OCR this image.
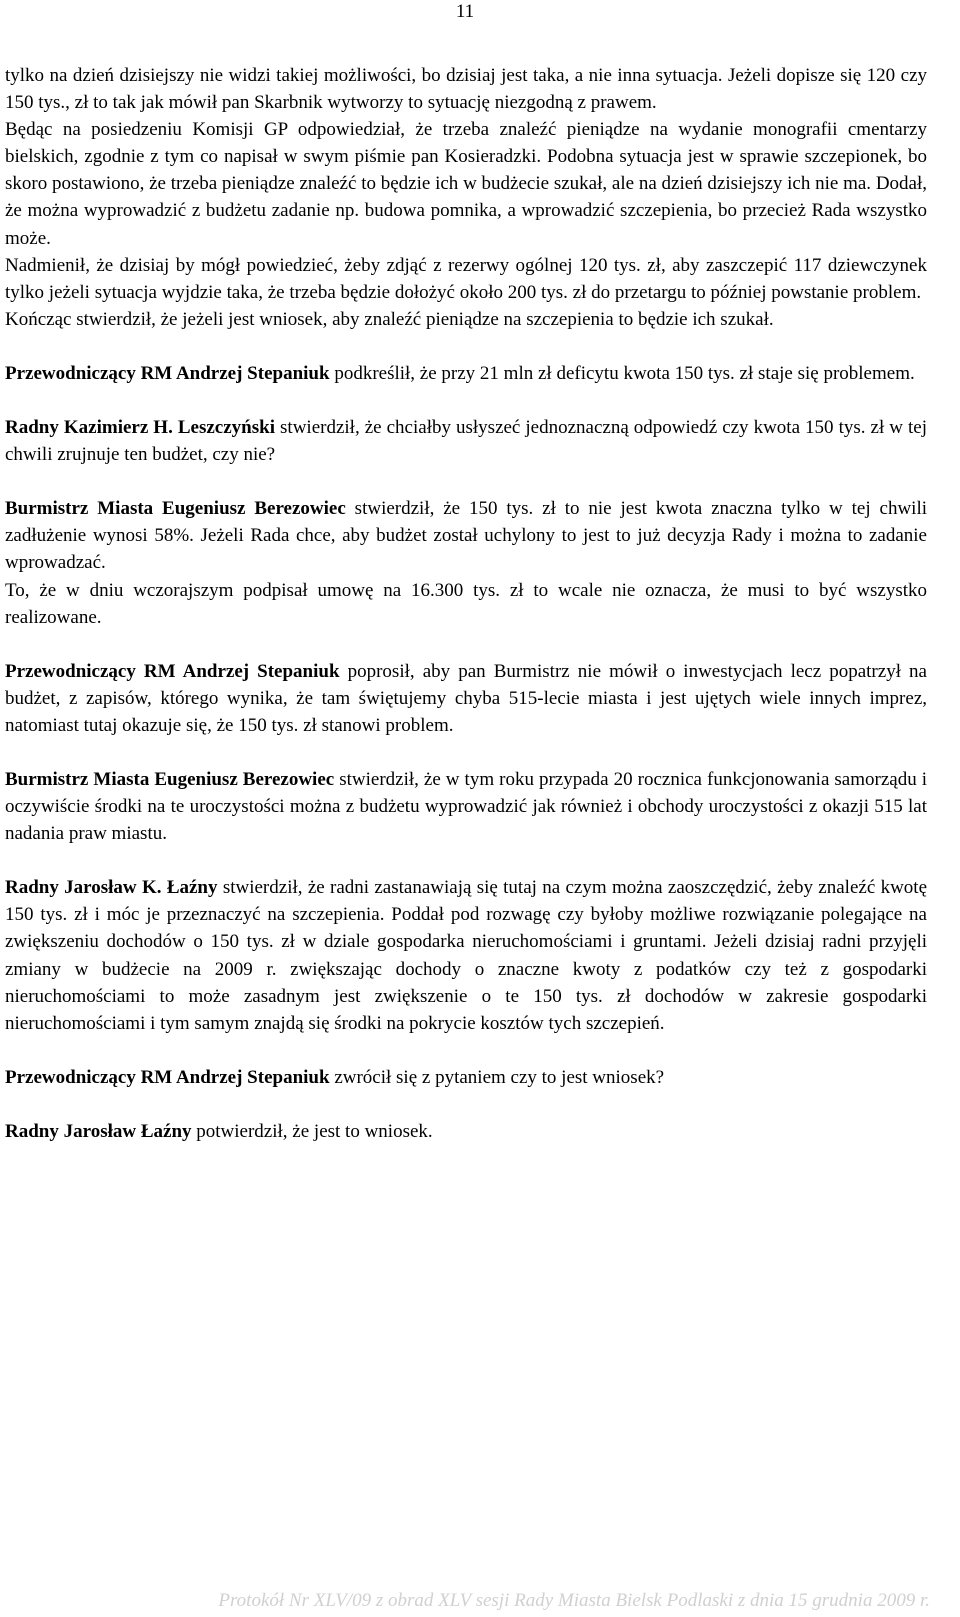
11

tylko na dzień dzisiejszy nie widzi takiej możliwości, bo dzisiaj jest taka, a nie inna sytuacja. Jeżeli dopisze się 120 czy 150 tys., zł to tak jak mówił pan Skarbnik wytworzy to sytuację niezgodną z prawem.

Będąc na posiedzeniu Komisji GP odpowiedział, że trzeba znaleźć pieniądze na wydanie monografii cmentarzy bielskich, zgodnie z tym co napisał w swym piśmie pan Kosieradzki. Podobna sytuacja jest w sprawie szczepionek, bo skoro postawiono, że trzeba pieniądze znaleźć to będzie ich w budżecie szukał, ale na dzień dzisiejszy ich nie ma. Dodał, że można wyprowadzić z budżetu zadanie np. budowa pomnika, a wprowadzić szczepienia, bo przecież Rada wszystko może.

Nadmienił, że dzisiaj by mógł powiedzieć, żeby zdjąć z rezerwy ogólnej 120 tys. zł, aby zaszczepić 117 dziewczynek tylko jeżeli sytuacja wyjdzie taka, że trzeba będzie dołożyć około 200 tys. zł do przetargu to później powstanie problem.

Kończąc stwierdził, że jeżeli jest wniosek, aby znaleźć pieniądze na szczepienia to będzie ich szukał.

Przewodniczący RM Andrzej Stepaniuk podkreślił, że przy 21 mln zł deficytu kwota 150 tys. zł staje się problemem.

Radny Kazimierz H. Leszczyński stwierdził, że chciałby usłyszeć jednoznaczną odpowiedź czy kwota 150 tys. zł w tej chwili zrujnuje ten budżet, czy nie?

Burmistrz Miasta Eugeniusz Berezowiec stwierdził, że 150 tys. zł to nie jest kwota znaczna tylko w tej chwili zadłużenie wynosi 58%. Jeżeli Rada chce, aby budżet został uchylony to jest to już decyzja Rady i można to zadanie wprowadzać.

To, że w dniu wczorajszym podpisał umowę na 16.300 tys. zł to wcale nie oznacza, że musi to być wszystko realizowane.

Przewodniczący RM Andrzej Stepaniuk poprosił, aby pan Burmistrz nie mówił o inwestycjach lecz popatrzył na budżet, z zapisów, którego wynika, że tam świętujemy chyba 515-lecie miasta i jest ujętych wiele innych imprez, natomiast tutaj okazuje się, że 150 tys. zł stanowi problem.

Burmistrz Miasta Eugeniusz Berezowiec stwierdził, że w tym roku przypada 20 rocznica funkcjonowania samorządu i oczywiście środki na te uroczystości można z budżetu wyprowadzić jak również i obchody uroczystości z okazji 515 lat nadania praw miastu.

Radny Jarosław K. Łaźny stwierdził, że radni zastanawiają się tutaj na czym można zaoszczędzić, żeby znaleźć kwotę 150 tys. zł i móc je przeznaczyć na szczepienia. Poddał pod rozwagę czy byłoby możliwe rozwiązanie polegające na zwiększeniu dochodów o 150 tys. zł w dziale gospodarka nieruchomościami i gruntami. Jeżeli dzisiaj radni przyjęli zmiany w budżecie na 2009 r. zwiększając dochody o znaczne kwoty z podatków czy też z gospodarki nieruchomościami to może zasadnym jest zwiększenie o te 150 tys. zł dochodów w zakresie gospodarki nieruchomościami i tym samym znajdą się środki na pokrycie kosztów tych szczepień.

Przewodniczący RM Andrzej Stepaniuk zwrócił się z pytaniem czy to jest wniosek?

Radny Jarosław Łaźny potwierdził, że jest to wniosek.

Protokół Nr XLV/09 z obrad XLV sesji Rady Miasta Bielsk Podlaski z dnia 15 grudnia 2009 r.
